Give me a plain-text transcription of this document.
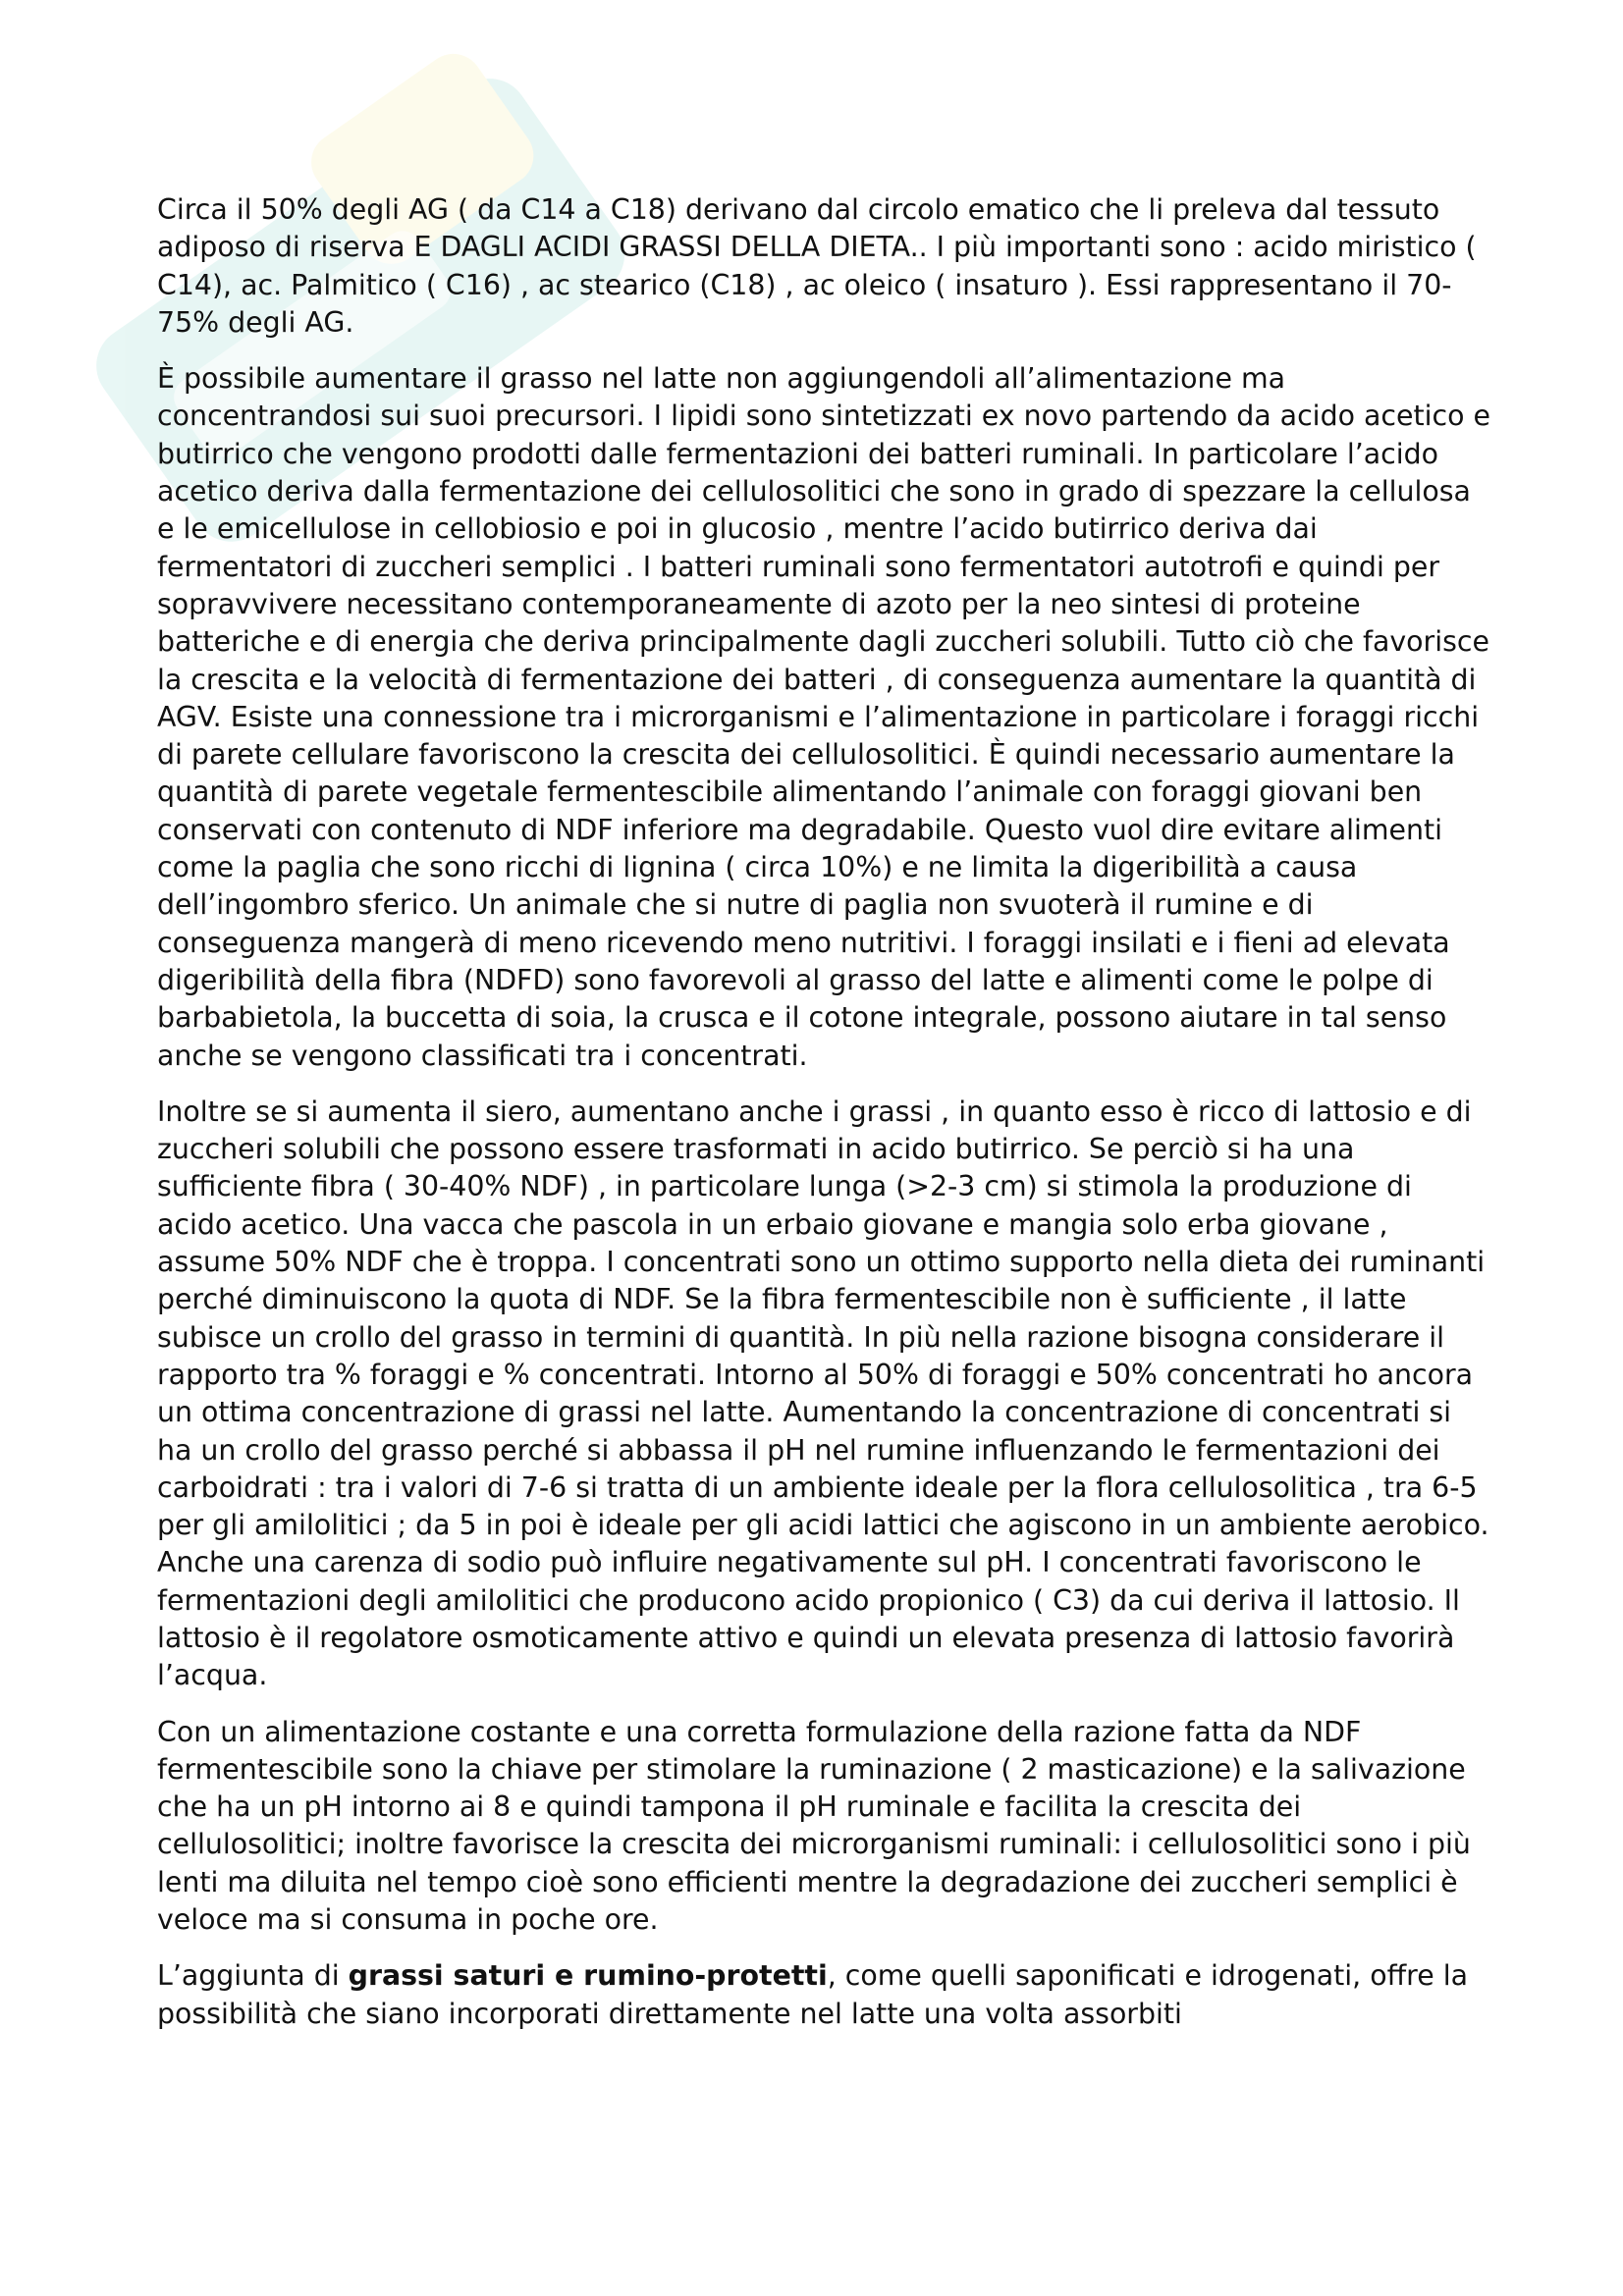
Circa il 50% degli AG ( da C14 a C18) derivano dal circolo ematico che li preleva dal tessuto adiposo di riserva E DAGLI ACIDI GRASSI DELLA DIETA.. I più importanti sono : acido miristico ( C14), ac. Palmitico ( C16) , ac stearico (C18) , ac oleico ( insaturo ). Essi rappresentano il 70-75% degli AG.

È possibile aumentare il grasso nel latte non aggiungendoli all’alimentazione ma concentrandosi sui suoi precursori. I lipidi sono sintetizzati ex novo partendo da acido acetico e butirrico che vengono prodotti dalle fermentazioni dei batteri ruminali. In particolare l’acido acetico deriva dalla fermentazione dei cellulosolitici che sono in grado di spezzare la cellulosa e le emicellulose in cellobiosio e poi in glucosio , mentre l’acido butirrico deriva dai fermentatori di zuccheri semplici . I batteri ruminali sono fermentatori autotrofi e quindi per sopravvivere necessitano contemporaneamente di azoto per la neo sintesi di proteine batteriche e di energia che deriva principalmente dagli zuccheri solubili. Tutto ciò che favorisce la crescita e la velocità di fermentazione dei batteri , di conseguenza aumentare la quantità di AGV. Esiste una connessione tra i microrganismi e l’alimentazione in particolare i foraggi ricchi di parete cellulare favoriscono la crescita dei cellulosolitici. È quindi necessario aumentare la quantità di parete vegetale fermentescibile alimentando l’animale con foraggi giovani ben conservati con contenuto di NDF inferiore ma degradabile. Questo vuol dire evitare alimenti come la paglia che sono ricchi di lignina ( circa 10%) e ne limita la digeribilità a causa dell’ingombro sferico. Un animale che si nutre di paglia non svuoterà il rumine e di conseguenza mangerà di meno ricevendo meno nutritivi. I foraggi insilati e i fieni ad elevata digeribilità della fibra (NDFD) sono favorevoli al grasso del latte e alimenti come le polpe di barbabietola, la buccetta di soia, la crusca e il cotone integrale, possono aiutare in tal senso anche se vengono classificati tra i concentrati.

Inoltre se si aumenta il siero, aumentano anche i grassi , in quanto esso è ricco di lattosio e di zuccheri solubili che possono essere trasformati in acido butirrico. Se perciò si ha una sufficiente fibra ( 30-40% NDF) , in particolare lunga (>2-3 cm) si stimola la produzione di acido acetico. Una vacca che pascola in un erbaio giovane e mangia solo erba giovane , assume 50% NDF che è troppa. I concentrati sono un ottimo supporto nella dieta dei ruminanti perché diminuiscono la quota di NDF. Se la fibra fermentescibile non è sufficiente , il latte subisce un crollo del grasso in termini di quantità. In più nella razione bisogna considerare il rapporto tra % foraggi e % concentrati. Intorno al 50% di foraggi e 50% concentrati ho ancora un ottima concentrazione di grassi nel latte. Aumentando la concentrazione di concentrati si ha un crollo del grasso perché si abbassa il pH nel rumine influenzando le fermentazioni dei carboidrati : tra i valori di 7-6 si tratta di un ambiente ideale per la flora cellulosolitica , tra 6-5 per gli amilolitici ; da 5 in poi è ideale per gli acidi lattici che agiscono in un ambiente aerobico. Anche una carenza di sodio può influire negativamente sul pH. I concentrati favoriscono le fermentazioni degli amilolitici che producono acido propionico ( C3) da cui deriva il lattosio. Il lattosio è il regolatore osmoticamente attivo e quindi un elevata presenza di lattosio favorirà l’acqua.

Con un alimentazione costante e una corretta formulazione della razione fatta da NDF fermentescibile sono la chiave per stimolare la ruminazione ( 2 masticazione) e la salivazione che ha un pH intorno ai 8 e quindi tampona il pH ruminale e facilita la crescita dei cellulosolitici; inoltre favorisce la crescita dei microrganismi ruminali: i cellulosolitici sono i più lenti ma diluita nel tempo cioè sono efficienti mentre la degradazione dei zuccheri semplici è veloce ma si consuma in poche ore.

L’aggiunta di grassi saturi e rumino-protetti, come quelli saponificati e idrogenati, offre la possibilità che siano incorporati direttamente nel latte una volta assorbiti
